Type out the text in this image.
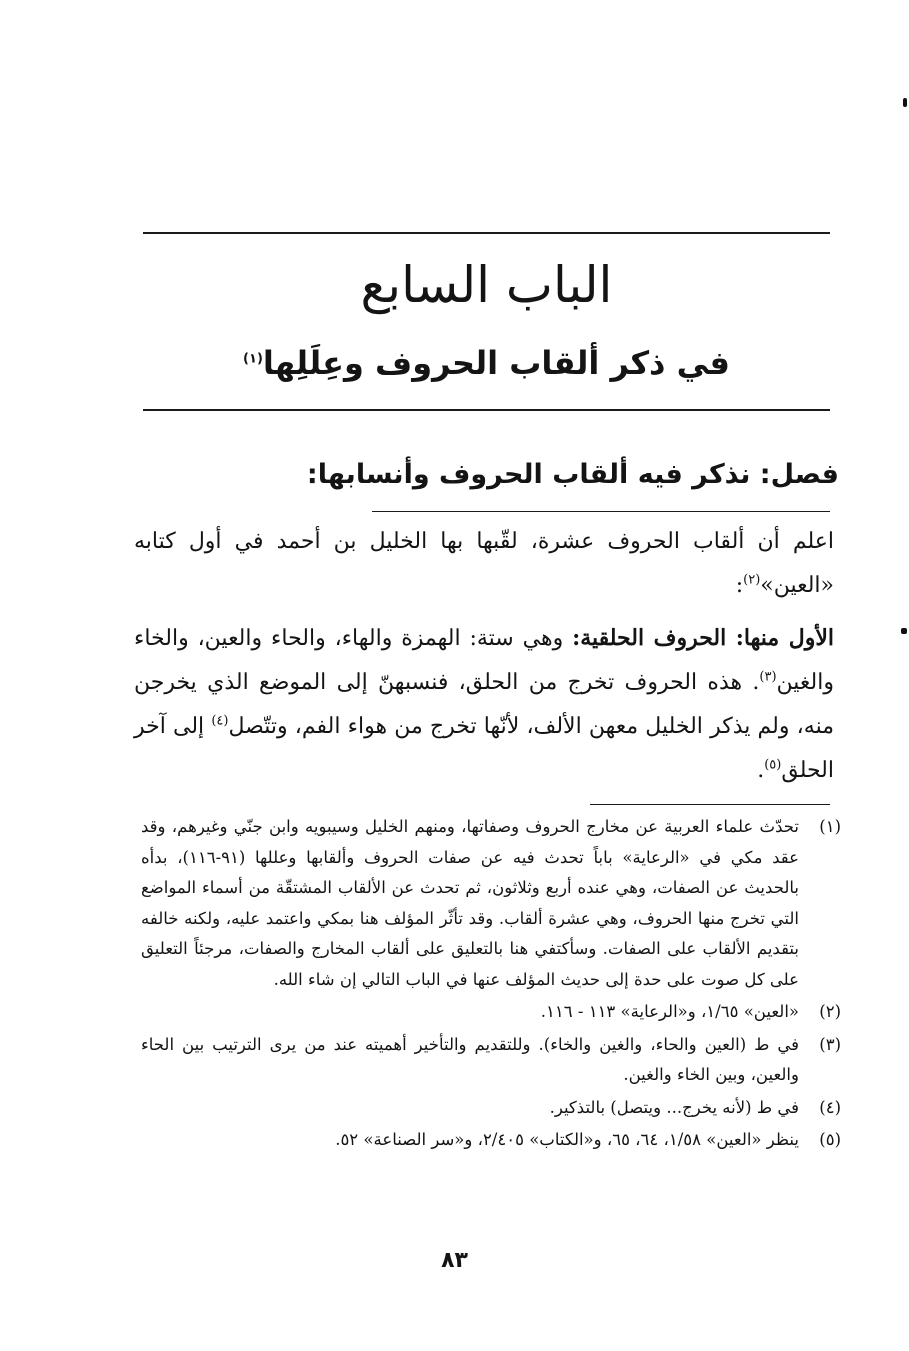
الباب السابع
في ذكر ألقاب الحروف وعِلَلِها$^{(١)}$
فصل: نذكر فيه ألقاب الحروف وأنسابها:
اعلم أن ألقاب الحروف عشرة، لقّبها بها الخليل بن أحمد في أول كتابه «العين»$^{(٢)}$:
الأول منها: الحروف الحلقية: وهي ستة: الهمزة والهاء، والحاء والعين، والخاء والغين$^{(٣)}$. هذه الحروف تخرج من الحلق، فنسبهنّ إلى الموضع الذي يخرجن منه، ولم يذكر الخليل معهن الألف، لأنّها تخرج من هواء الفم، وتتّصل$^{(٤)}$ إلى آخر الحلق$^{(٥)}$.
(١)
تحدّث علماء العربية عن مخارج الحروف وصفاتها، ومنهم الخليل وسيبويه وابن جنّي وغيرهم، وقد عقد مكي في «الرعاية» باباً تحدث فيه عن صفات الحروف وألقابها وعللها (٩١-١١٦)، بدأه بالحديث عن الصفات، وهي عنده أربع وثلاثون، ثم تحدث عن الألقاب المشتقّة من أسماء المواضع التي تخرج منها الحروف، وهي عشرة ألقاب. وقد تأثّر المؤلف هنا بمكي واعتمد عليه، ولكنه خالفه بتقديم الألقاب على الصفات. وسأكتفي هنا بالتعليق على ألقاب المخارج والصفات، مرجئاً التعليق على كل صوت على حدة إلى حديث المؤلف عنها في الباب التالي إن شاء الله.
(٢)
«العين» ١/٦٥، و«الرعاية» ١١٣ - ١١٦.
(٣)
في ط (العين والحاء، والغين والخاء). وللتقديم والتأخير أهميته عند من يرى الترتيب بين الحاء والعين، وبين الخاء والغين.
(٤)
في ط (لأنه يخرج... ويتصل) بالتذكير.
(٥)
ينظر «العين» ١/٥٨، ٦٤، ٦٥، و«الكتاب» ٢/٤٠٥، و«سر الصناعة» ٥٢.
٨٣
